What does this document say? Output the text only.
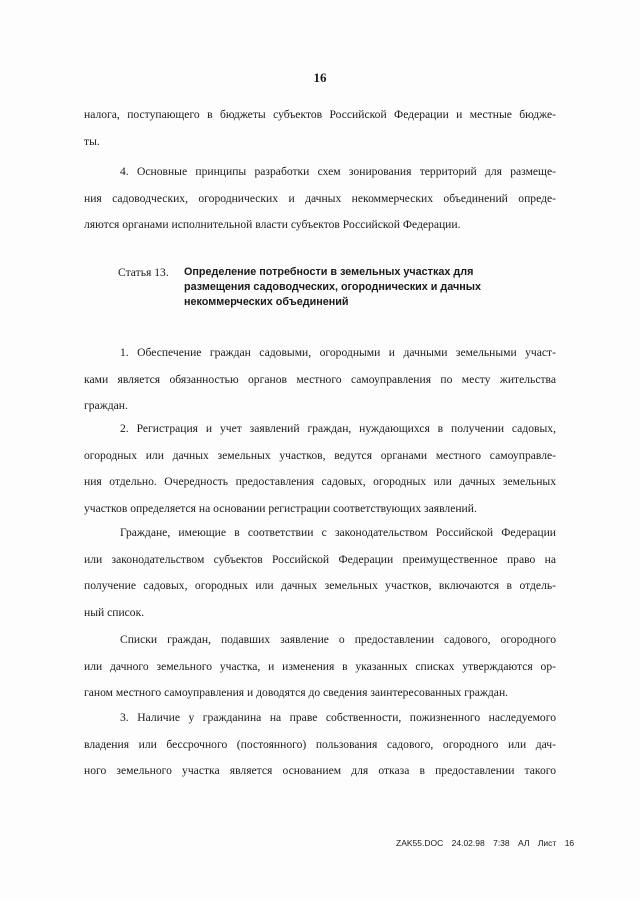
16
налога, поступающего в бюджеты субъектов Российской Федерации и местные бюдже-
ты.
4. Основные принципы разработки схем зонирования территорий для размеще-
ния садоводческих, огороднических и дачных некоммерческих объединений опреде-
ляются органами исполнительной власти субъектов Российской Федерации.
Статья 13. Определение потребности в земельных участках для
размещения садоводческих, огороднических и дачных
некоммерческих объединений
1. Обеспечение граждан садовыми, огородными и дачными земельными участ-
ками является обязанностью органов местного самоуправления по месту жительства
граждан.
2. Регистрация и учет заявлений граждан, нуждающихся в получении садовых,
огородных или дачных земельных участков, ведутся органами местного самоуправле-
ния отдельно. Очередность предоставления садовых, огородных или дачных земельных
участков определяется на основании регистрации соответствующих заявлений.
Граждане, имеющие в соответствии с законодательством Российской Федерации
или законодательством субъектов Российской Федерации преимущественное право на
получение садовых, огородных или дачных земельных участков, включаются в отдель-
ный список.
Списки граждан, подавших заявление о предоставлении садового, огородного
или дачного земельного участка, и изменения в указанных списках утверждаются ор-
ганом местного самоуправления и доводятся до сведения заинтересованных граждан.
3. Наличие у гражданина на праве собственности, пожизненного наследуемого
владения или бессрочного (постоянного) пользования садового, огородного или дач-
ного земельного участка является основанием для отказа в предоставлении такого
ZAK55.DOC 24.02.98 7:38 АЛ Лист 16
